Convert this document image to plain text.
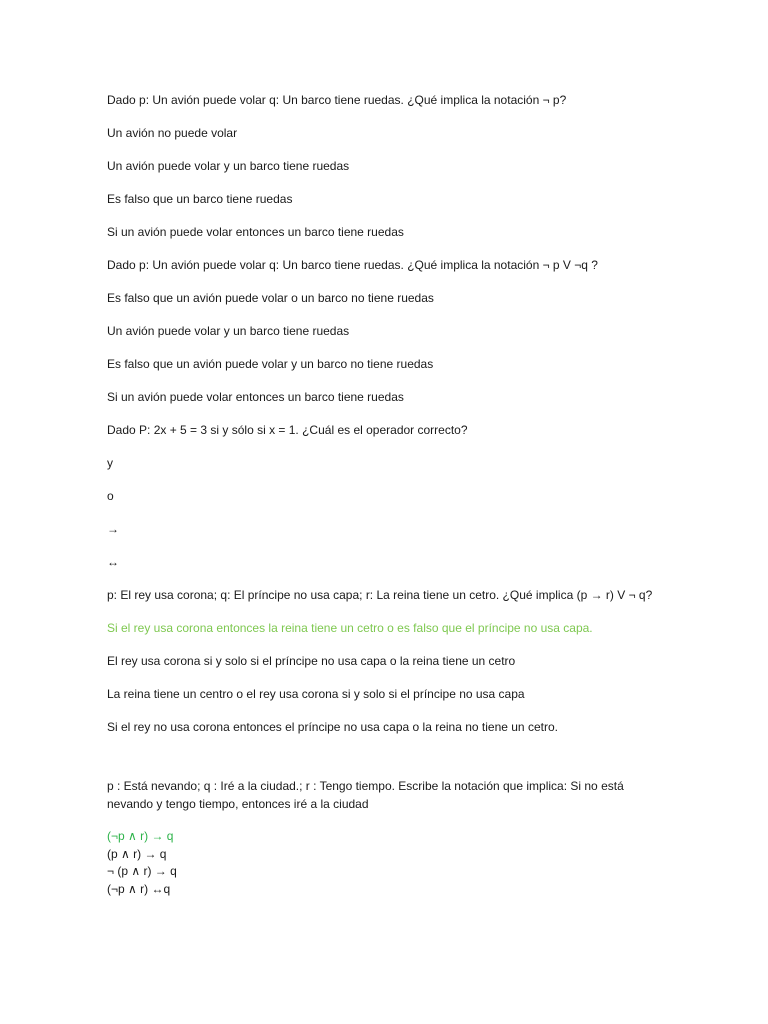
Dado p: Un avión puede volar q: Un barco tiene ruedas. ¿Qué implica la notación ¬ p?

Un avión no puede volar

Un avión puede volar y un barco tiene ruedas

Es falso que un barco tiene ruedas

Si un avión puede volar entonces un barco tiene ruedas

Dado p: Un avión puede volar q: Un barco tiene ruedas. ¿Qué implica la notación ¬ p V ¬q ?

Es falso que un avión puede volar o un barco no tiene ruedas

Un avión puede volar y un barco tiene ruedas

Es falso que un avión puede volar y un barco no tiene ruedas

Si un avión puede volar entonces un barco tiene ruedas

Dado P: 2x + 5 = 3 si y sólo si x = 1. ¿Cuál es el operador correcto?

y

o

→

↔

p: El rey usa corona; q: El príncipe no usa capa; r: La reina tiene un cetro. ¿Qué implica (p → r) V ¬ q?

Si el rey usa corona entonces la reina tiene un cetro o es falso que el príncipe no usa capa.

El rey usa corona si y solo si el príncipe no usa capa o la reina tiene un cetro

La reina tiene un centro o el rey usa corona si y solo si el príncipe no usa capa

Si el rey no usa corona entonces el príncipe no usa capa o la reina no tiene un cetro.

p : Está nevando; q : Iré a la ciudad.; r : Tengo tiempo. Escribe la notación que implica: Si no está nevando y tengo tiempo, entonces iré a la ciudad

(¬p ∧ r) → q

(p ∧ r) → q

¬ (p ∧ r) → q

(¬p ∧ r) ↔q
